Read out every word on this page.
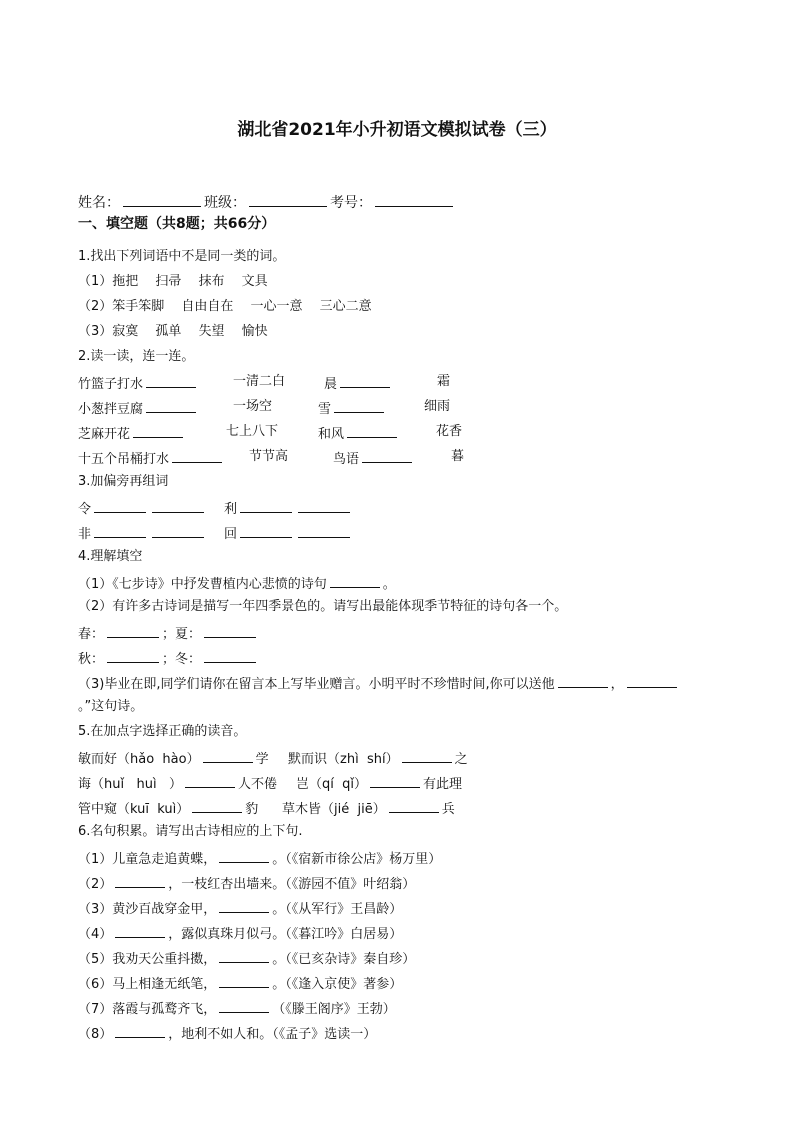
湖北省2021年小升初语文模拟试卷（三）
姓名：	班级：	考号：
一、填空题（共8题；共66分）
1.找出下列词语中不是同一类的词。
（1）拖把　 扫帚　 抹布　 文具
（2）笨手笨脚　 自由自在　 一心一意　 三心二意
（3）寂寞　 孤单　 失望　 愉快
2.读一读，连一连。
竹篮子打水	一清二白	晨	霜
小葱拌豆腐	一场空	雪	细雨
芝麻开花	七上八下	和风	花香
十五个吊桶打水	节节高	鸟语	暮
3.加偏旁再组词
令	利
非	回
4.理解填空
（1）《七步诗》中抒发曹植内心悲愤的诗句	。
（2）有许多古诗词是描写一年四季景色的。请写出最能体现季节特征的诗句各一个。
春：	；夏：
秋：	；冬：
（3)毕业在即,同学们请你在留言本上写毕业赠言。小明平时不珍惜时间,你可以送他	，
。”这句诗。
5.在加点字选择正确的读音。
敏而好（hǎo  hào）	学 默而识（zhì  shí）	之
诲（huǐ   huì   ）	人不倦 岂（qí  qǐ）	有此理
管中窥（kuī  kuì）	豹 草木皆（jié  jiē）	兵
6.名句积累。请写出古诗相应的上下句.
（1）儿童急走追黄蝶，	。（《宿新市徐公店》杨万里）
（2）	，一枝红杏出墙来。（《游园不值》叶绍翁）
（3）黄沙百战穿金甲，	。（《从军行》王昌龄）
（4）	，露似真珠月似弓。（《暮江吟》白居易）
（5）我劝天公重抖擞，	。（《已亥杂诗》秦自珍）
（6）马上相逢无纸笔，	。（《逢入京使》著参）
（7）落霞与孤鹜齐飞，	（《滕王阁序》王勃）
（8）	，地利不如人和。（《孟子》选读一）
